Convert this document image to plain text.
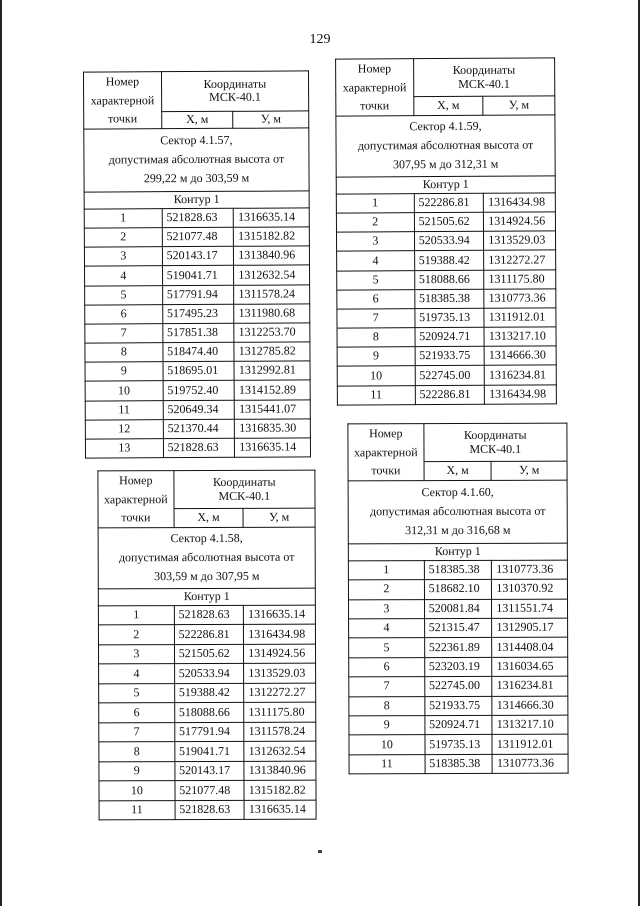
129
Номер характерной точки	Координаты
МСК-40.1	

	Х, м	У, м

Сектор 4.1.57,
допустимая абсолютная высота от
299,22 м до 303,59 м		

Контур 1		
1	521828.63	1316635.14
2	521077.48	1315182.82
3	520143.17	1313840.96
4	519041.71	1312632.54
5	517791.94	1311578.24
6	517495.23	1311980.68
7	517851.38	1312253.70
8	518474.40	1312785.82
9	518695.01	1312992.81
10	519752.40	1314152.89
11	520649.34	1315441.07
12	521370.44	1316835.30
13	521828.63	1316635.14
Номер характерной точки	Координаты
МСК-40.1	

	Х, м	У, м

Сектор 4.1.59,
допустимая абсолютная высота от
307,95 м до 312,31 м		

Контур 1		
1	522286.81	1316434.98
2	521505.62	1314924.56
3	520533.94	1313529.03
4	519388.42	1312272.27
5	518088.66	1311175.80
6	518385.38	1310773.36
7	519735.13	1311912.01
8	520924.71	1313217.10
9	521933.75	1314666.30
10	522745.00	1316234.81
11	522286.81	1316434.98
Номер характерной точки	Координаты
МСК-40.1	

	Х, м	У, м

Сектор 4.1.58,
допустимая абсолютная высота от
303,59 м до 307,95 м		

Контур 1		
1	521828.63	1316635.14
2	522286.81	1316434.98
3	521505.62	1314924.56
4	520533.94	1313529.03
5	519388.42	1312272.27
6	518088.66	1311175.80
7	517791.94	1311578.24
8	519041.71	1312632.54
9	520143.17	1313840.96
10	521077.48	1315182.82
11	521828.63	1316635.14
Номер характерной точки	Координаты
МСК-40.1	

	Х, м	У, м

Сектор 4.1.60,
допустимая абсолютная высота от
312,31 м до 316,68 м		

Контур 1		
1	518385.38	1310773.36
2	518682.10	1310370.92
3	520081.84	1311551.74
4	521315.47	1312905.17
5	522361.89	1314408.04
6	523203.19	1316034.65
7	522745.00	1316234.81
8	521933.75	1314666.30
9	520924.71	1313217.10
10	519735.13	1311912.01
11	518385.38	1310773.36
